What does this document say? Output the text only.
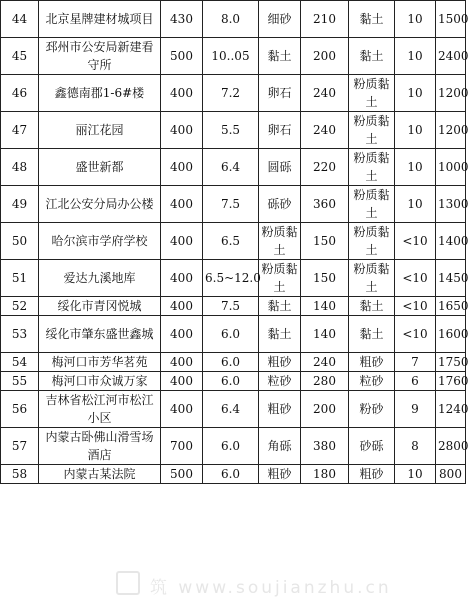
44	北京星牌建材城项目	430	8.0	细砂	210	黏土	10	1500
45	邳州市公安局新建看守所	500	10..05	黏土	200	黏土	10	2400
46	鑫德南郡1-6#楼	400	7.2	卵石	240	粉质黏土	10	1200
47	丽江花园	400	5.5	卵石	240	粉质黏土	10	1200
48	盛世新都	400	6.4	圆砾	220	粉质黏土	10	1000
49	江北公安分局办公楼	400	7.5	砾砂	360	粉质黏土	10	1300
50	哈尔滨市学府学校	400	6.5	粉质黏土	150	粉质黏土	<10	1400
51	爱达九溪地库	400	6.5~12.0	粉质黏土	150	粉质黏土	<10	1450
52	绥化市青冈悦城	400	7.5	黏土	140	黏土	<10	1650
53	绥化市肇东盛世鑫城	400	6.0	黏土	140	黏土	<10	1600
54	梅河口市芳华茗苑	400	6.0	粗砂	240	粗砂	7	1750
55	梅河口市众诚万家	400	6.0	粒砂	280	粒砂	6	1760
56	吉林省松江河市松江小区	400	6.4	粗砂	200	粉砂	9	1240
57	内蒙古卧佛山滑雪场酒店	700	6.0	角砾	380	砂砾	8	2800
58	内蒙古某法院	500	6.0	粗砂	180	粗砂	10	800
筑 www.soujianzhu.cn
